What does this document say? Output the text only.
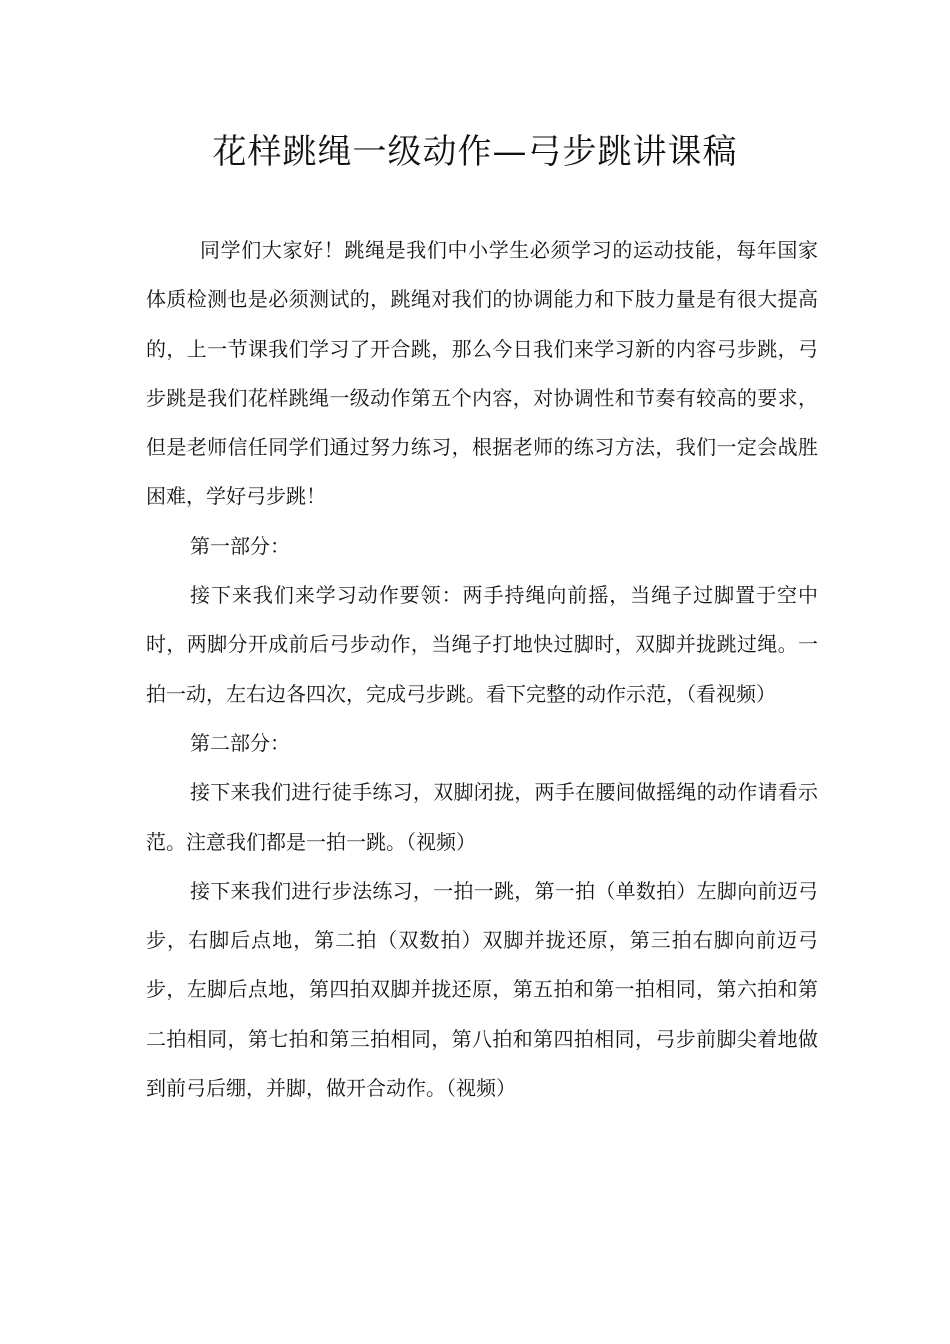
花样跳绳一级动作—弓步跳讲课稿

同学们大家好！跳绳是我们中小学生必须学习的运动技能，每年国家体质检测也是必须测试的，跳绳对我们的协调能力和下肢力量是有很大提高的，上一节课我们学习了开合跳，那么今日我们来学习新的内容弓步跳，弓步跳是我们花样跳绳一级动作第五个内容，对协调性和节奏有较高的要求，但是老师信任同学们通过努力练习，根据老师的练习方法，我们一定会战胜困难，学好弓步跳！

第一部分：

接下来我们来学习动作要领：两手持绳向前摇，当绳子过脚置于空中时，两脚分开成前后弓步动作，当绳子打地快过脚时，双脚并拢跳过绳。一拍一动，左右边各四次，完成弓步跳。看下完整的动作示范，（看视频）

第二部分：

接下来我们进行徒手练习，双脚闭拢，两手在腰间做摇绳的动作请看示范。注意我们都是一拍一跳。（视频）

接下来我们进行步法练习，一拍一跳，第一拍（单数拍）左脚向前迈弓步，右脚后点地，第二拍（双数拍）双脚并拢还原，第三拍右脚向前迈弓步，左脚后点地，第四拍双脚并拢还原，第五拍和第一拍相同，第六拍和第二拍相同，第七拍和第三拍相同，第八拍和第四拍相同，弓步前脚尖着地做到前弓后绷，并脚，做开合动作。（视频）
